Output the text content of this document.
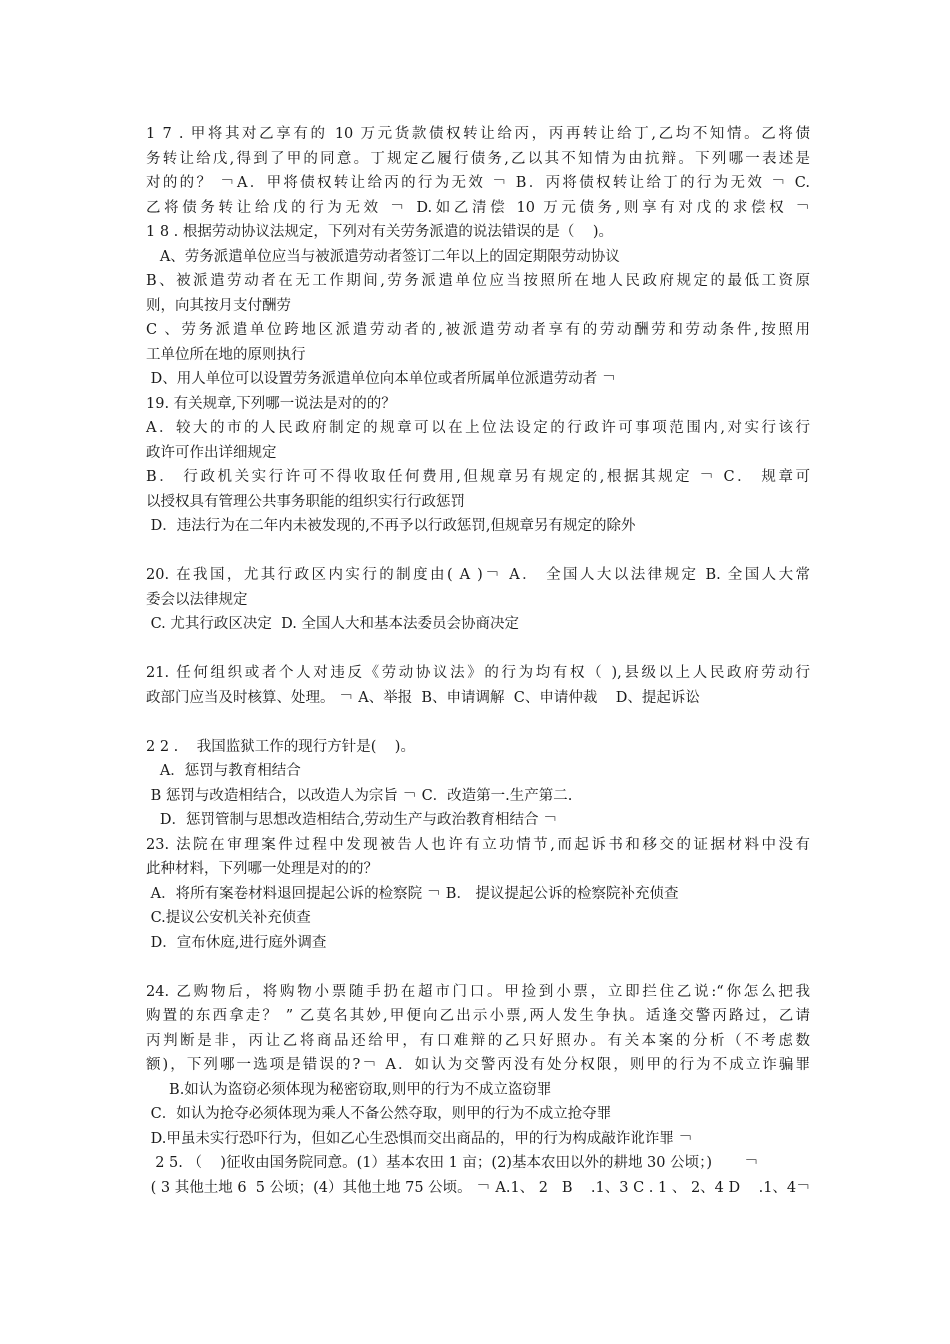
1 7 . 甲将其对乙享有的 10 万元货款债权转让给丙，丙再转让给丁,乙均不知情。乙将债
务转让给戊,得到了甲的同意。丁规定乙履行债务,乙以其不知情为由抗辩。下列哪一表述是
对的的？ ￢A．甲将债权转让给丙的行为无效 ￢ B．丙将债权转让给丁的行为无效 ￢ C.
乙将债务转让给戊的行为无效 ￢ D.如乙清偿 10 万元债务,则享有对戊的求偿权 ￢
1 8 . 根据劳动协议法规定，下列对有关劳务派遣的说法错误的是（    )。
A、劳务派遣单位应当与被派遣劳动者签订二年以上的固定期限劳动协议
B、被派遣劳动者在无工作期间,劳务派遣单位应当按照所在地人民政府规定的最低工资原
则，向其按月支付酬劳
C 、劳务派遣单位跨地区派遣劳动者的,被派遣劳动者享有的劳动酬劳和劳动条件,按照用
工单位所在地的原则执行
D、用人单位可以设置劳务派遣单位向本单位或者所属单位派遣劳动者 ￢
19. 有关规章,下列哪一说法是对的的？
A．较大的市的人民政府制定的规章可以在上位法设定的行政许可事项范围内,对实行该行
政许可作出详细规定
B． 行政机关实行许可不得收取任何费用,但规章另有规定的,根据其规定 ￢ C． 规章可
以授权具有管理公共事务职能的组织实行行政惩罚
D．违法行为在二年内未被发现的,不再予以行政惩罚,但规章另有规定的除外
20. 在我国，尤其行政区内实行的制度由( A )￢ A． 全国人大以法律规定 B. 全国人大常
委会以法律规定
C. 尤其行政区决定  D. 全国人大和基本法委员会协商决定
21. 任何组织或者个人对违反《劳动协议法》的行为均有权（ ),县级以上人民政府劳动行
政部门应当及时核算、处理。 ￢ A、举报  B、申请调解  C、申请仲裁    D、提起诉讼
2 2 .    我国监狱工作的现行方针是(    )。
A．惩罚与教育相结合
B 惩罚与改造相结合，以改造人为宗旨 ￢ C．改造第一.生产第二.
D．惩罚管制与思想改造相结合,劳动生产与政治教育相结合 ￢
23. 法院在审理案件过程中发现被告人也许有立功情节,而起诉书和移交的证据材料中没有
此种材料，下列哪一处理是对的的？
A．将所有案卷材料退回提起公诉的检察院 ￢ B． 提议提起公诉的检察院补充侦查
C.提议公安机关补充侦查
D．宣布休庭,进行庭外调查
24. 乙购物后，将购物小票随手扔在超市门口。甲捡到小票，立即拦住乙说:“你怎么把我
购置的东西拿走？ ” 乙莫名其妙,甲便向乙出示小票,两人发生争执。适逢交警丙路过，乙请
丙判断是非，丙让乙将商品还给甲，有口难辩的乙只好照办。有关本案的分析（不考虑数
额)，下列哪一选项是错误的?￢ A．如认为交警丙没有处分权限，则甲的行为不成立诈骗罪
B.如认为盗窃必须体现为秘密窃取,则甲的行为不成立盗窃罪
C．如认为抢夺必须体现为乘人不备公然夺取，则甲的行为不成立抢夺罪
D.甲虽未实行恐吓行为，但如乙心生恐惧而交出商品的，甲的行为构成敲诈讹诈罪 ￢
2 5. （    )征收由国务院同意。(1）基本农田 1 亩；(2)基本农田以外的耕地 30 公顷；)       ￢
( 3 其他土地 6  5 公顷；(4）其他土地 75 公顷。 ￢ A.1、 2   B    .1、3 C . 1 、 2、4 D    .1、4￢
